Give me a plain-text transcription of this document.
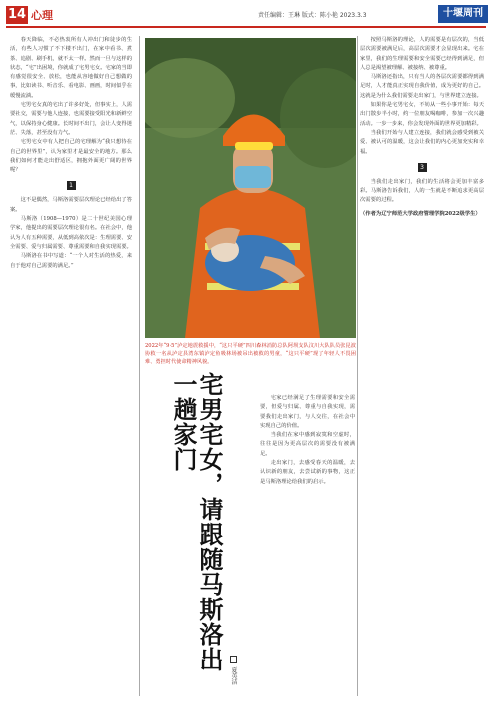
14 心理	责任编辑：王琳 版式：陈小艳 2023.3.3	十堰周刊

春天降临，不必热衷所有人冲出门和徒步的生活，有些人习惯了不下楼不出门，在家中看书、煮茶、追剧、刷手机，就不太一样。然而一旦与这样的状态，“宅”出困境，你就成了宅男宅女。宅家的当即有感觉很安全、放松，也能从容地做好自己想做的事，比如读书、听音乐、看电影、画画，时间似乎在缓慢流淌。

宅男宅女真的宅出了许多好处，但事实上，人需要社交，需要与他人连接，也需要接受阳光和新鲜空气，以保持身心健康。长时间不出门，会让人变得迷茫、失落，甚至没有力气。

宅男宅女中有人把自己的宅理解为“我只想待在自己的世界里”，认为家里才是最安全的地方。那么我们如何才能走出舒适区，拥抱外面更广阔的世界呢？

1

这不是偶然，马斯洛需要层次理论已经给出了答案。

马斯洛（1908—1970）是二十世纪美国心理学家，他提出的需要层次理论很有名。在社会中，他认为人有五种需要，从低到高依次是：生理需要、安全需要、爱与归属需要、尊重需要和自我实现需要。

马斯洛在书中写道：“一个人对生活的热爱，来自于他对自己需要的满足。”

2022年“9·5”泸定地震救援中，“这只平硬”四川森林消防总队阿坝支队汶川大队队员张昆波协救一名从泸定县湾东镇泸定鱼吸林场被吊出被救的男童，“这只平硬”现了年轻人不畏困难、勇担时代使命精神风貌。
宅男宅女，请跟随马斯洛出一趟家门
夏英洁

宅家已经满足了生理需要和安全需要，但爱与归属、尊重与自我实现，需要我们走出家门，与人交往，在社会中实现自己的价值。

当我们在家中感到寂寞和空虚时，往往是因为更高层次的需要没有被满足。

走出家门，去感受春天的温暖，去认识新的朋友，去尝试新的事物，这正是马斯洛理论给我们的启示。

按照马斯洛的理论，人的需要是有层次的，当低层次需要被满足后，高层次需要才会显现出来。宅在家里，我们的生理需要和安全需要已经得到满足，但人总是渴望被理解、被接纳、被尊重。

马斯洛还指出，只有当人的各层次需要都得到满足时，人才能真正实现自我价值，成为更好的自己。这就是为什么我们需要走出家门，与世界建立连接。

如果你是宅男宅女，不妨从一些小事开始：每天出门散步半小时，约一位朋友喝咖啡，参加一次兴趣活动。一步一步来，你会发现外面的世界更加精彩。

当我们开始与人建立连接，我们就会感受到被关爱、被认可的温暖，这会让我们的内心更加充实和幸福。

3

当我们走出家门，我们的生活将会更加丰富多彩。马斯洛告诉我们，人的一生就是不断追求更高层次需要的过程。

（作者为辽宁师范大学政府管理学院2022级学生）
